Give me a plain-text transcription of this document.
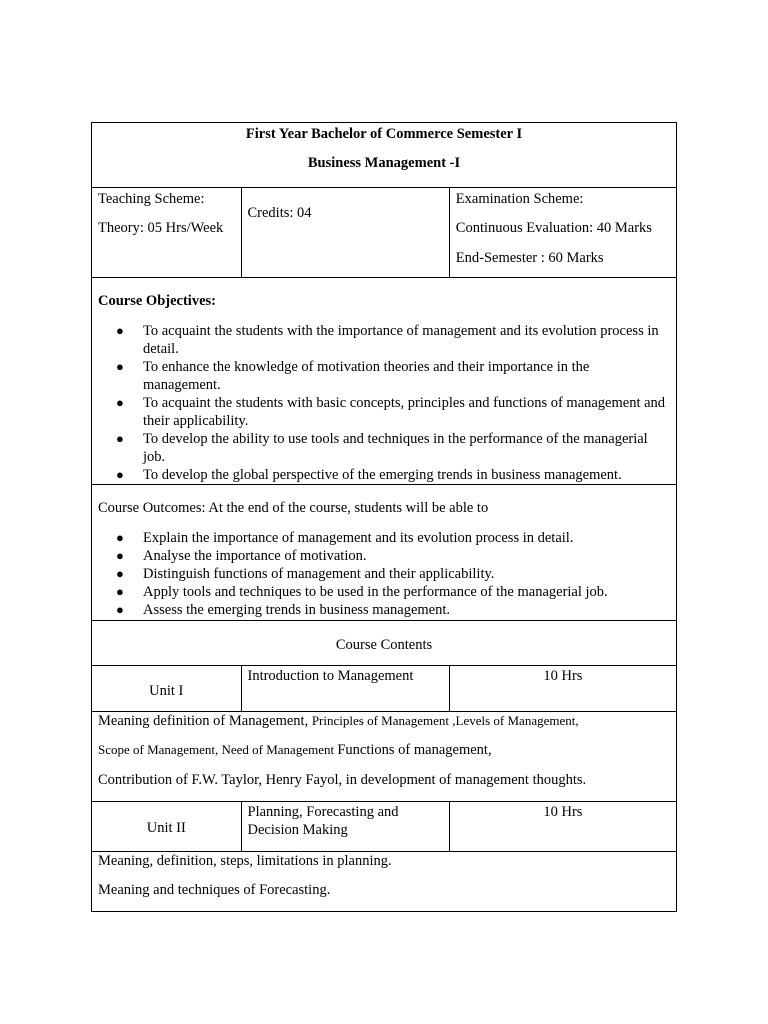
First Year Bachelor of Commerce Semester I

Business Management -I

Teaching Scheme:

Theory: 05 Hrs/Week

Credits: 04

Examination Scheme:

Continuous Evaluation: 40 Marks

End-Semester : 60 Marks

Course Objectives:

● To acquaint the students with the importance of management and its evolution process in detail.
● To enhance the knowledge of motivation theories and their importance in the management.
● To acquaint the students with basic concepts, principles and functions of management and their applicability.
● To develop the ability to use tools and techniques in the performance of the managerial job.
● To develop the global perspective of the emerging trends in business management.

Course Outcomes: At the end of the course, students will be able to

● Explain the importance of management and its evolution process in detail.
● Analyse the importance of motivation.
● Distinguish functions of management and their applicability.
● Apply tools and techniques to be used in the performance of the managerial job.
● Assess the emerging trends in business management.

Course Contents

Unit I

Introduction to Management	10 Hrs

Meaning definition of Management, Principles of Management ,Levels of Management,

Scope of Management, Need of Management Functions of management,

Contribution of F.W. Taylor, Henry Fayol, in development of management thoughts.

Unit II

Planning, Forecasting and

Decision Making

10 Hrs

Meaning, definition, steps, limitations in planning.

Meaning and techniques of Forecasting.
